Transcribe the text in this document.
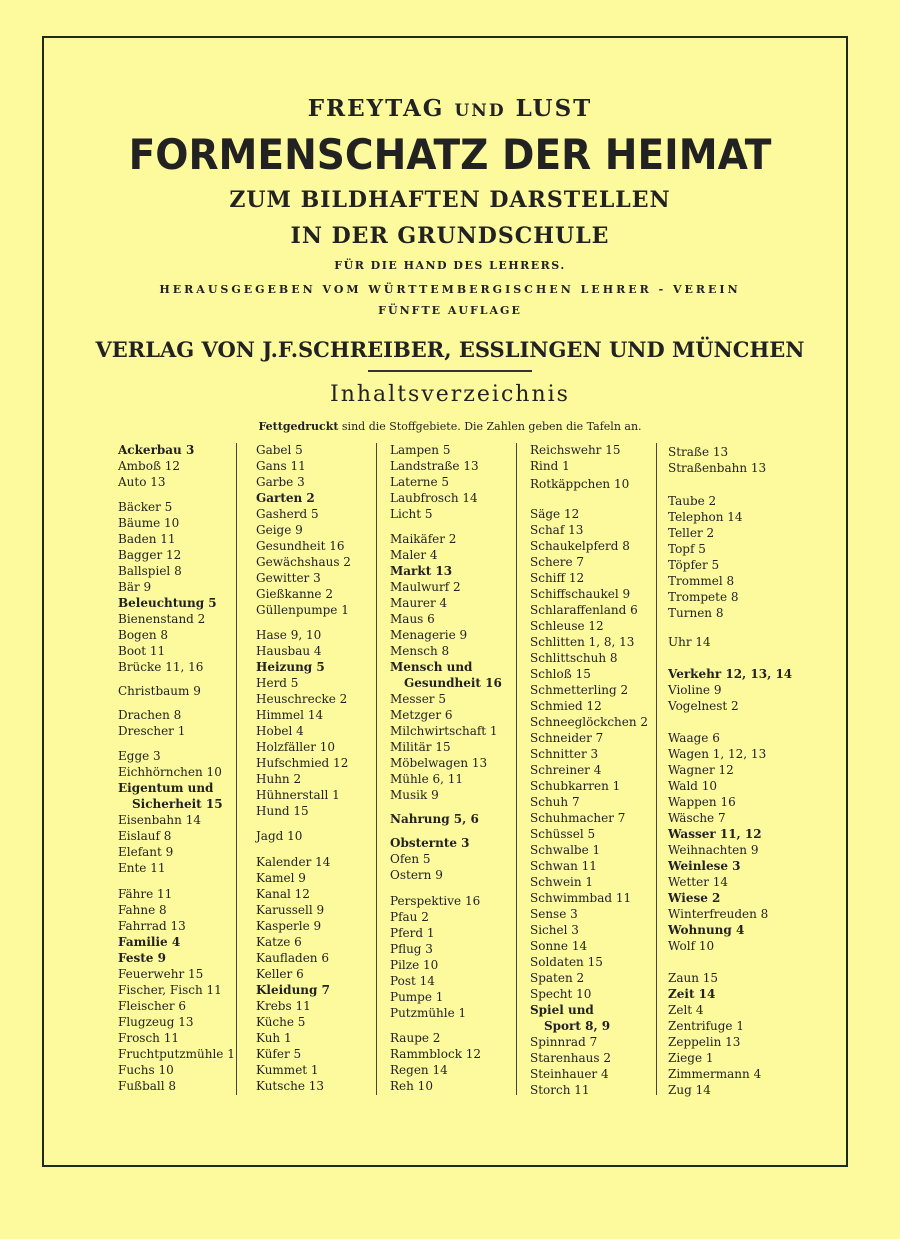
FREYTAG UND LUST
FORMENSCHATZ DER HEIMAT
ZUM BILDHAFTEN DARSTELLEN
IN DER GRUNDSCHULE
FÜR DIE HAND DES LEHRERS.
HERAUSGEGEBEN VOM WÜRTTEMBERGISCHEN LEHRER - VEREIN
FÜNFTE AUFLAGE
VERLAG VON J.F.SCHREIBER, ESSLINGEN UND MÜNCHEN
Inhaltsverzeichnis
Fettgedruckt sind die Stoffgebiete. Die Zahlen geben die Tafeln an.
Ackerbau 3
Amboß 12
Auto 13
Bäcker 5
Bäume 10
Baden 11
Bagger 12
Ballspiel 8
Bär 9
Beleuchtung 5
Bienenstand 2
Bogen 8
Boot 11
Brücke 11, 16
Christbaum 9
Drachen 8
Drescher 1
Egge 3
Eichhörnchen 10
Eigentum und
Sicherheit 15
Eisenbahn 14
Eislauf 8
Elefant 9
Ente 11
Fähre 11
Fahne 8
Fahrrad 13
Familie 4
Feste 9
Feuerwehr 15
Fischer, Fisch 11
Fleischer 6
Flugzeug 13
Frosch 11
Fruchtputzmühle 1
Fuchs 10
Fußball 8
Gabel 5
Gans 11
Garbe 3
Garten 2
Gasherd 5
Geige 9
Gesundheit 16
Gewächshaus 2
Gewitter 3
Gießkanne 2
Güllenpumpe 1
Hase 9, 10
Hausbau 4
Heizung 5
Herd 5
Heuschrecke 2
Himmel 14
Hobel 4
Holzfäller 10
Hufschmied 12
Huhn 2
Hühnerstall 1
Hund 15
Jagd 10
Kalender 14
Kamel 9
Kanal 12
Karussell 9
Kasperle 9
Katze 6
Kaufladen 6
Keller 6
Kleidung 7
Krebs 11
Küche 5
Kuh 1
Küfer 5
Kummet 1
Kutsche 13
Lampen 5
Landstraße 13
Laterne 5
Laubfrosch 14
Licht 5
Maikäfer 2
Maler 4
Markt 13
Maulwurf 2
Maurer 4
Maus 6
Menagerie 9
Mensch 8
Mensch und
Gesundheit 16
Messer 5
Metzger 6
Milchwirtschaft 1
Militär 15
Möbelwagen 13
Mühle 6, 11
Musik 9
Nahrung 5, 6
Obsternte 3
Ofen 5
Ostern 9
Perspektive 16
Pfau 2
Pferd 1
Pflug 3
Pilze 10
Post 14
Pumpe 1
Putzmühle 1
Raupe 2
Rammblock 12
Regen 14
Reh 10
Reichswehr 15
Rind 1
Rotkäppchen 10
Säge 12
Schaf 13
Schaukelpferd 8
Schere 7
Schiff 12
Schiffschaukel 9
Schlaraffenland 6
Schleuse 12
Schlitten 1, 8, 13
Schlittschuh 8
Schloß 15
Schmetterling 2
Schmied 12
Schneeglöckchen 2
Schneider 7
Schnitter 3
Schreiner 4
Schubkarren 1
Schuh 7
Schuhmacher 7
Schüssel 5
Schwalbe 1
Schwan 11
Schwein 1
Schwimmbad 11
Sense 3
Sichel 3
Sonne 14
Soldaten 15
Spaten 2
Specht 10
Spiel und
Sport 8, 9
Spinnrad 7
Starenhaus 2
Steinhauer 4
Storch 11
Straße 13
Straßenbahn 13
Taube 2
Telephon 14
Teller 2
Topf 5
Töpfer 5
Trommel 8
Trompete 8
Turnen 8
Uhr 14
Verkehr 12, 13, 14
Violine 9
Vogelnest 2
Waage 6
Wagen 1, 12, 13
Wagner 12
Wald 10
Wappen 16
Wäsche 7
Wasser 11, 12
Weihnachten 9
Weinlese 3
Wetter 14
Wiese 2
Winterfreuden 8
Wohnung 4
Wolf 10
Zaun 15
Zeit 14
Zelt 4
Zentrifuge 1
Zeppelin 13
Ziege 1
Zimmermann 4
Zug 14
